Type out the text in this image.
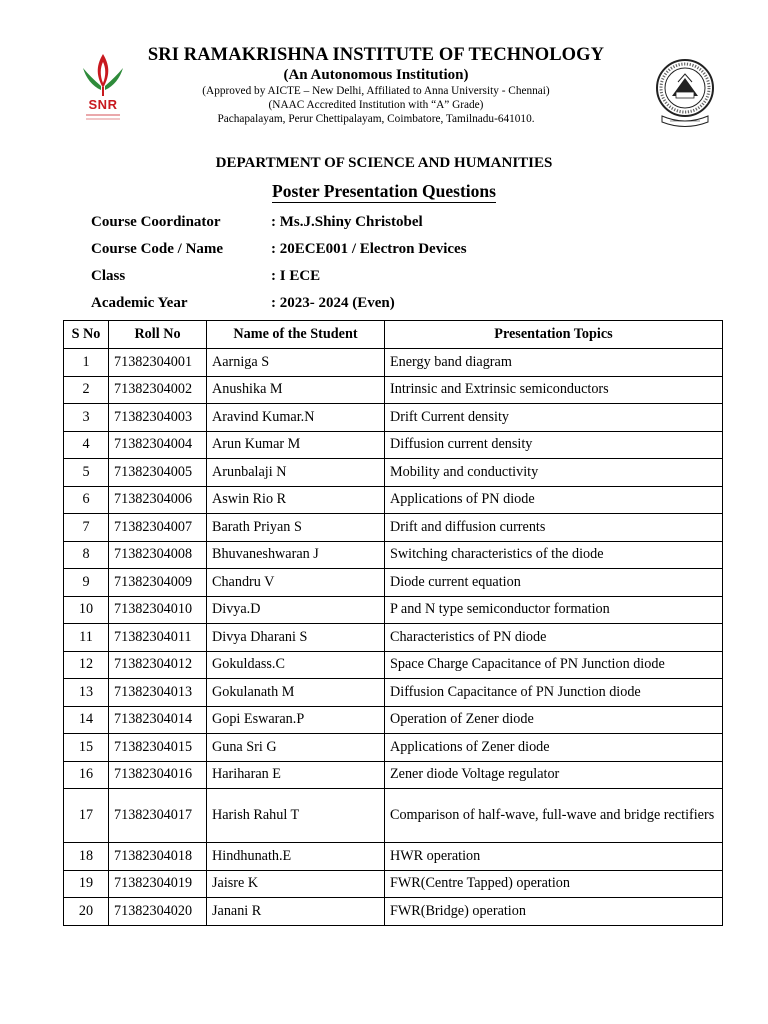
SNR
SRI RAMAKRISHNA INSTITUTE OF TECHNOLOGY
(An Autonomous Institution)
(Approved by AICTE – New Delhi, Affiliated to Anna University - Chennai)
(NAAC Accredited Institution with “A” Grade)
Pachapalayam, Perur Chettipalayam, Coimbatore, Tamilnadu-641010.
DEPARTMENT OF SCIENCE AND HUMANITIES
Poster Presentation Questions
Course Coordinator	: Ms.J.Shiny Christobel
Course Code / Name	: 20ECE001 / Electron Devices
Class	: I ECE
Academic Year	: 2023- 2024 (Even)
S No	Roll No	Name of the Student	Presentation Topics
1	71382304001	Aarniga S	Energy band diagram
2	71382304002	Anushika M	Intrinsic and Extrinsic semiconductors
3	71382304003	Aravind Kumar.N	Drift Current density
4	71382304004	Arun Kumar M	Diffusion current density
5	71382304005	Arunbalaji N	Mobility and conductivity
6	71382304006	Aswin Rio R	Applications of PN diode
7	71382304007	Barath Priyan S	Drift and diffusion currents
8	71382304008	Bhuvaneshwaran J	Switching characteristics of the diode
9	71382304009	Chandru V	Diode current equation
10	71382304010	Divya.D	P and N type semiconductor formation
11	71382304011	Divya Dharani S	Characteristics of PN diode
12	71382304012	Gokuldass.C	Space Charge Capacitance of PN Junction diode
13	71382304013	Gokulanath M	Diffusion Capacitance of PN Junction diode
14	71382304014	Gopi Eswaran.P	Operation of Zener diode
15	71382304015	Guna Sri G	Applications of Zener diode
16	71382304016	Hariharan E	Zener diode Voltage regulator
17	71382304017	Harish Rahul T	Comparison of half-wave, full-wave and bridge rectifiers
18	71382304018	Hindhunath.E	HWR operation
19	71382304019	Jaisre K	FWR(Centre Tapped) operation
20	71382304020	Janani R	FWR(Bridge) operation
